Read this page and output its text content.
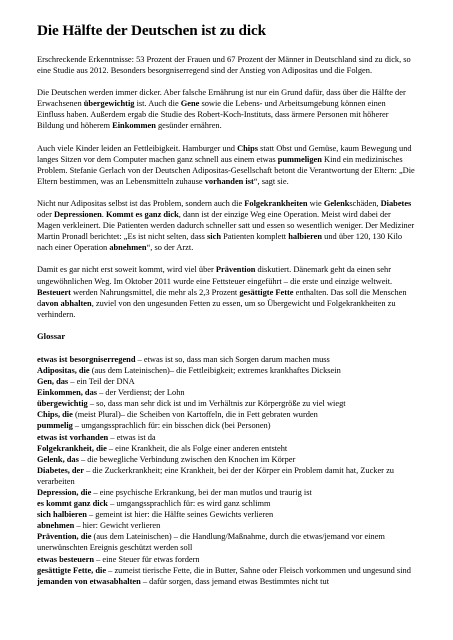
Die Hälfte der Deutschen ist zu dick

Erschreckende Erkenntnisse: 53 Prozent der Frauen und 67 Prozent der Männer in Deutschland sind zu dick, so eine Studie aus 2012. Besonders besorgniserregend sind der Anstieg von Adipositas und die Folgen.

Die Deutschen werden immer dicker. Aber falsche Ernährung ist nur ein Grund dafür, dass über die Hälfte der Erwachsenen übergewichtig ist. Auch die Gene sowie die Lebens- und Arbeitsumgebung können einen Einfluss haben. Außerdem ergab die Studie des Robert-Koch-Instituts, dass ärmere Personen mit höherer Bildung und höherem Einkommen gesünder ernähren.

Auch viele Kinder leiden an Fettleibigkeit. Hamburger und Chips statt Obst und Gemüse, kaum Bewegung und langes Sitzen vor dem Computer machen ganz schnell aus einem etwas pummeligen Kind ein medizinisches Problem. Stefanie Gerlach von der Deutschen Adipositas-Gesellschaft betont die Verantwortung der Eltern: „Die Eltern bestimmen, was an Lebensmitteln zuhause vorhanden ist“, sagt sie.

Nicht nur Adipositas selbst ist das Problem, sondern auch die Folgekrankheiten wie Gelenkschäden, Diabetes oder Depressionen. Kommt es ganz dick, dann ist der einzige Weg eine Operation. Meist wird dabei der Magen verkleinert. Die Patienten werden dadurch schneller satt und essen so wesentlich weniger. Der Mediziner Martin Pronadl berichtet: „Es ist nicht selten, dass sich Patienten komplett halbieren und über 120, 130 Kilo nach einer Operation abnehmen“, so der Arzt.

Damit es gar nicht erst soweit kommt, wird viel über Prävention diskutiert. Dänemark geht da einen sehr ungewöhnlichen Weg. Im Oktober 2011 wurde eine Fettsteuer eingeführt – die erste und einzige weltweit. Besteuert werden Nahrungsmittel, die mehr als 2,3 Prozent gesättigte Fette enthalten. Das soll die Menschen davon abhalten, zuviel von den ungesunden Fetten zu essen, um so Übergewicht und Folgekrankheiten zu verhindern.

Glossar
etwas ist besorgniserregend – etwas ist so, dass man sich Sorgen darum machen muss
Adipositas, die (aus dem Lateinischen)– die Fettleibigkeit; extremes krankhaftes Dicksein
Gen, das – ein Teil der DNA
Einkommen, das – der Verdienst; der Lohn
übergewichtig – so, dass man sehr dick ist und im Verhältnis zur Körpergröße zu viel wiegt
Chips, die (meist Plural)– die Scheiben von Kartoffeln, die in Fett gebraten wurden
pummelig – umgangssprachlich für: ein bisschen dick (bei Personen)
etwas ist vorhanden – etwas ist da
Folgekrankheit, die – eine Krankheit, die als Folge einer anderen entsteht
Gelenk, das – die bewegliche Verbindung zwischen den Knochen im Körper
Diabetes, der – die Zuckerkrankheit; eine Krankheit, bei der der Körper ein Problem damit hat, Zucker zu verarbeiten
Depression, die – eine psychische Erkrankung, bei der man mutlos und traurig ist
es kommt ganz dick – umgangssprachlich für: es wird ganz schlimm
sich halbieren – gemeint ist hier: die Hälfte seines Gewichts verlieren
abnehmen – hier: Gewicht verlieren
Prävention, die (aus dem Lateinischen) – die Handlung/Maßnahme, durch die etwas/jemand vor einem unerwünschten Ereignis geschützt werden soll
etwas besteuern – eine Steuer für etwas fordern
gesättigte Fette, die – zumeist tierische Fette, die in Butter, Sahne oder Fleisch vorkommen und ungesund sind
jemanden von etwasabhalten – dafür sorgen, dass jemand etwas Bestimmtes nicht tut
